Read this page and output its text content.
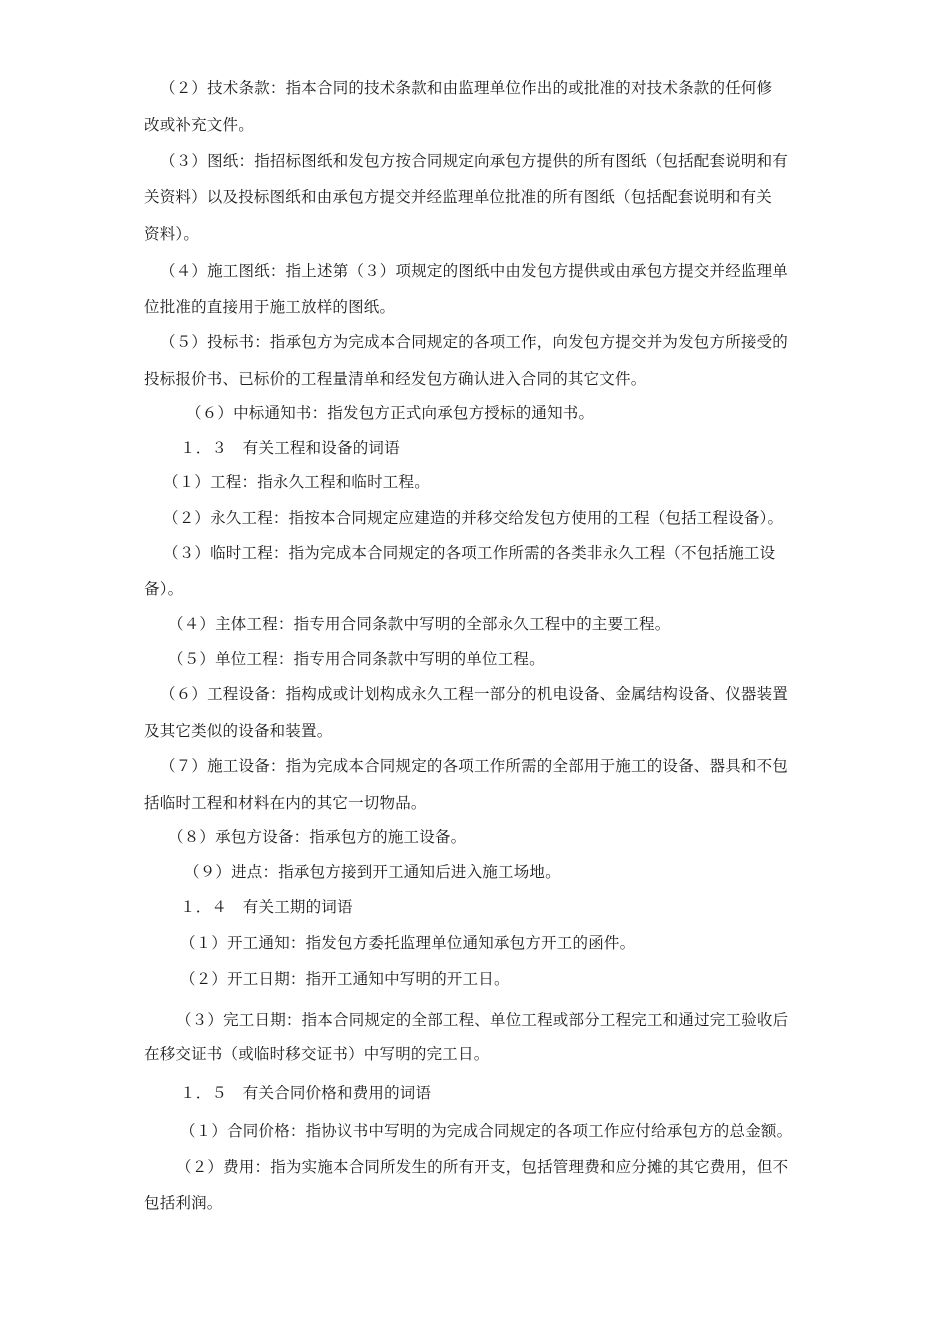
（２）技术条款：指本合同的技术条款和由监理单位作出的或批准的对技术条款的任何修
改或补充文件。
（３）图纸：指招标图纸和发包方按合同规定向承包方提供的所有图纸（包括配套说明和有
关资料）以及投标图纸和由承包方提交并经监理单位批准的所有图纸（包括配套说明和有关
资料）。
（４）施工图纸：指上述第（３）项规定的图纸中由发包方提供或由承包方提交并经监理单
位批准的直接用于施工放样的图纸。
（５）投标书：指承包方为完成本合同规定的各项工作，向发包方提交并为发包方所接受的
投标报价书、已标价的工程量清单和经发包方确认进入合同的其它文件。
（６）中标通知书：指发包方正式向承包方授标的通知书。
１．３　有关工程和设备的词语
（１）工程：指永久工程和临时工程。
（２）永久工程：指按本合同规定应建造的并移交给发包方使用的工程（包括工程设备）。
（３）临时工程：指为完成本合同规定的各项工作所需的各类非永久工程（不包括施工设
备）。
（４）主体工程：指专用合同条款中写明的全部永久工程中的主要工程。
（５）单位工程：指专用合同条款中写明的单位工程。
（６）工程设备：指构成或计划构成永久工程一部分的机电设备、金属结构设备、仪器装置
及其它类似的设备和装置。
（７）施工设备：指为完成本合同规定的各项工作所需的全部用于施工的设备、器具和不包
括临时工程和材料在内的其它一切物品。
（８）承包方设备：指承包方的施工设备。
（９）进点：指承包方接到开工通知后进入施工场地。
１．４　有关工期的词语
（１）开工通知：指发包方委托监理单位通知承包方开工的函件。
（２）开工日期：指开工通知中写明的开工日。
（３）完工日期：指本合同规定的全部工程、单位工程或部分工程完工和通过完工验收后
在移交证书（或临时移交证书）中写明的完工日。
１．５　有关合同价格和费用的词语
（１）合同价格：指协议书中写明的为完成合同规定的各项工作应付给承包方的总金额。
（２）费用：指为实施本合同所发生的所有开支，包括管理费和应分摊的其它费用，但不
包括利润。
